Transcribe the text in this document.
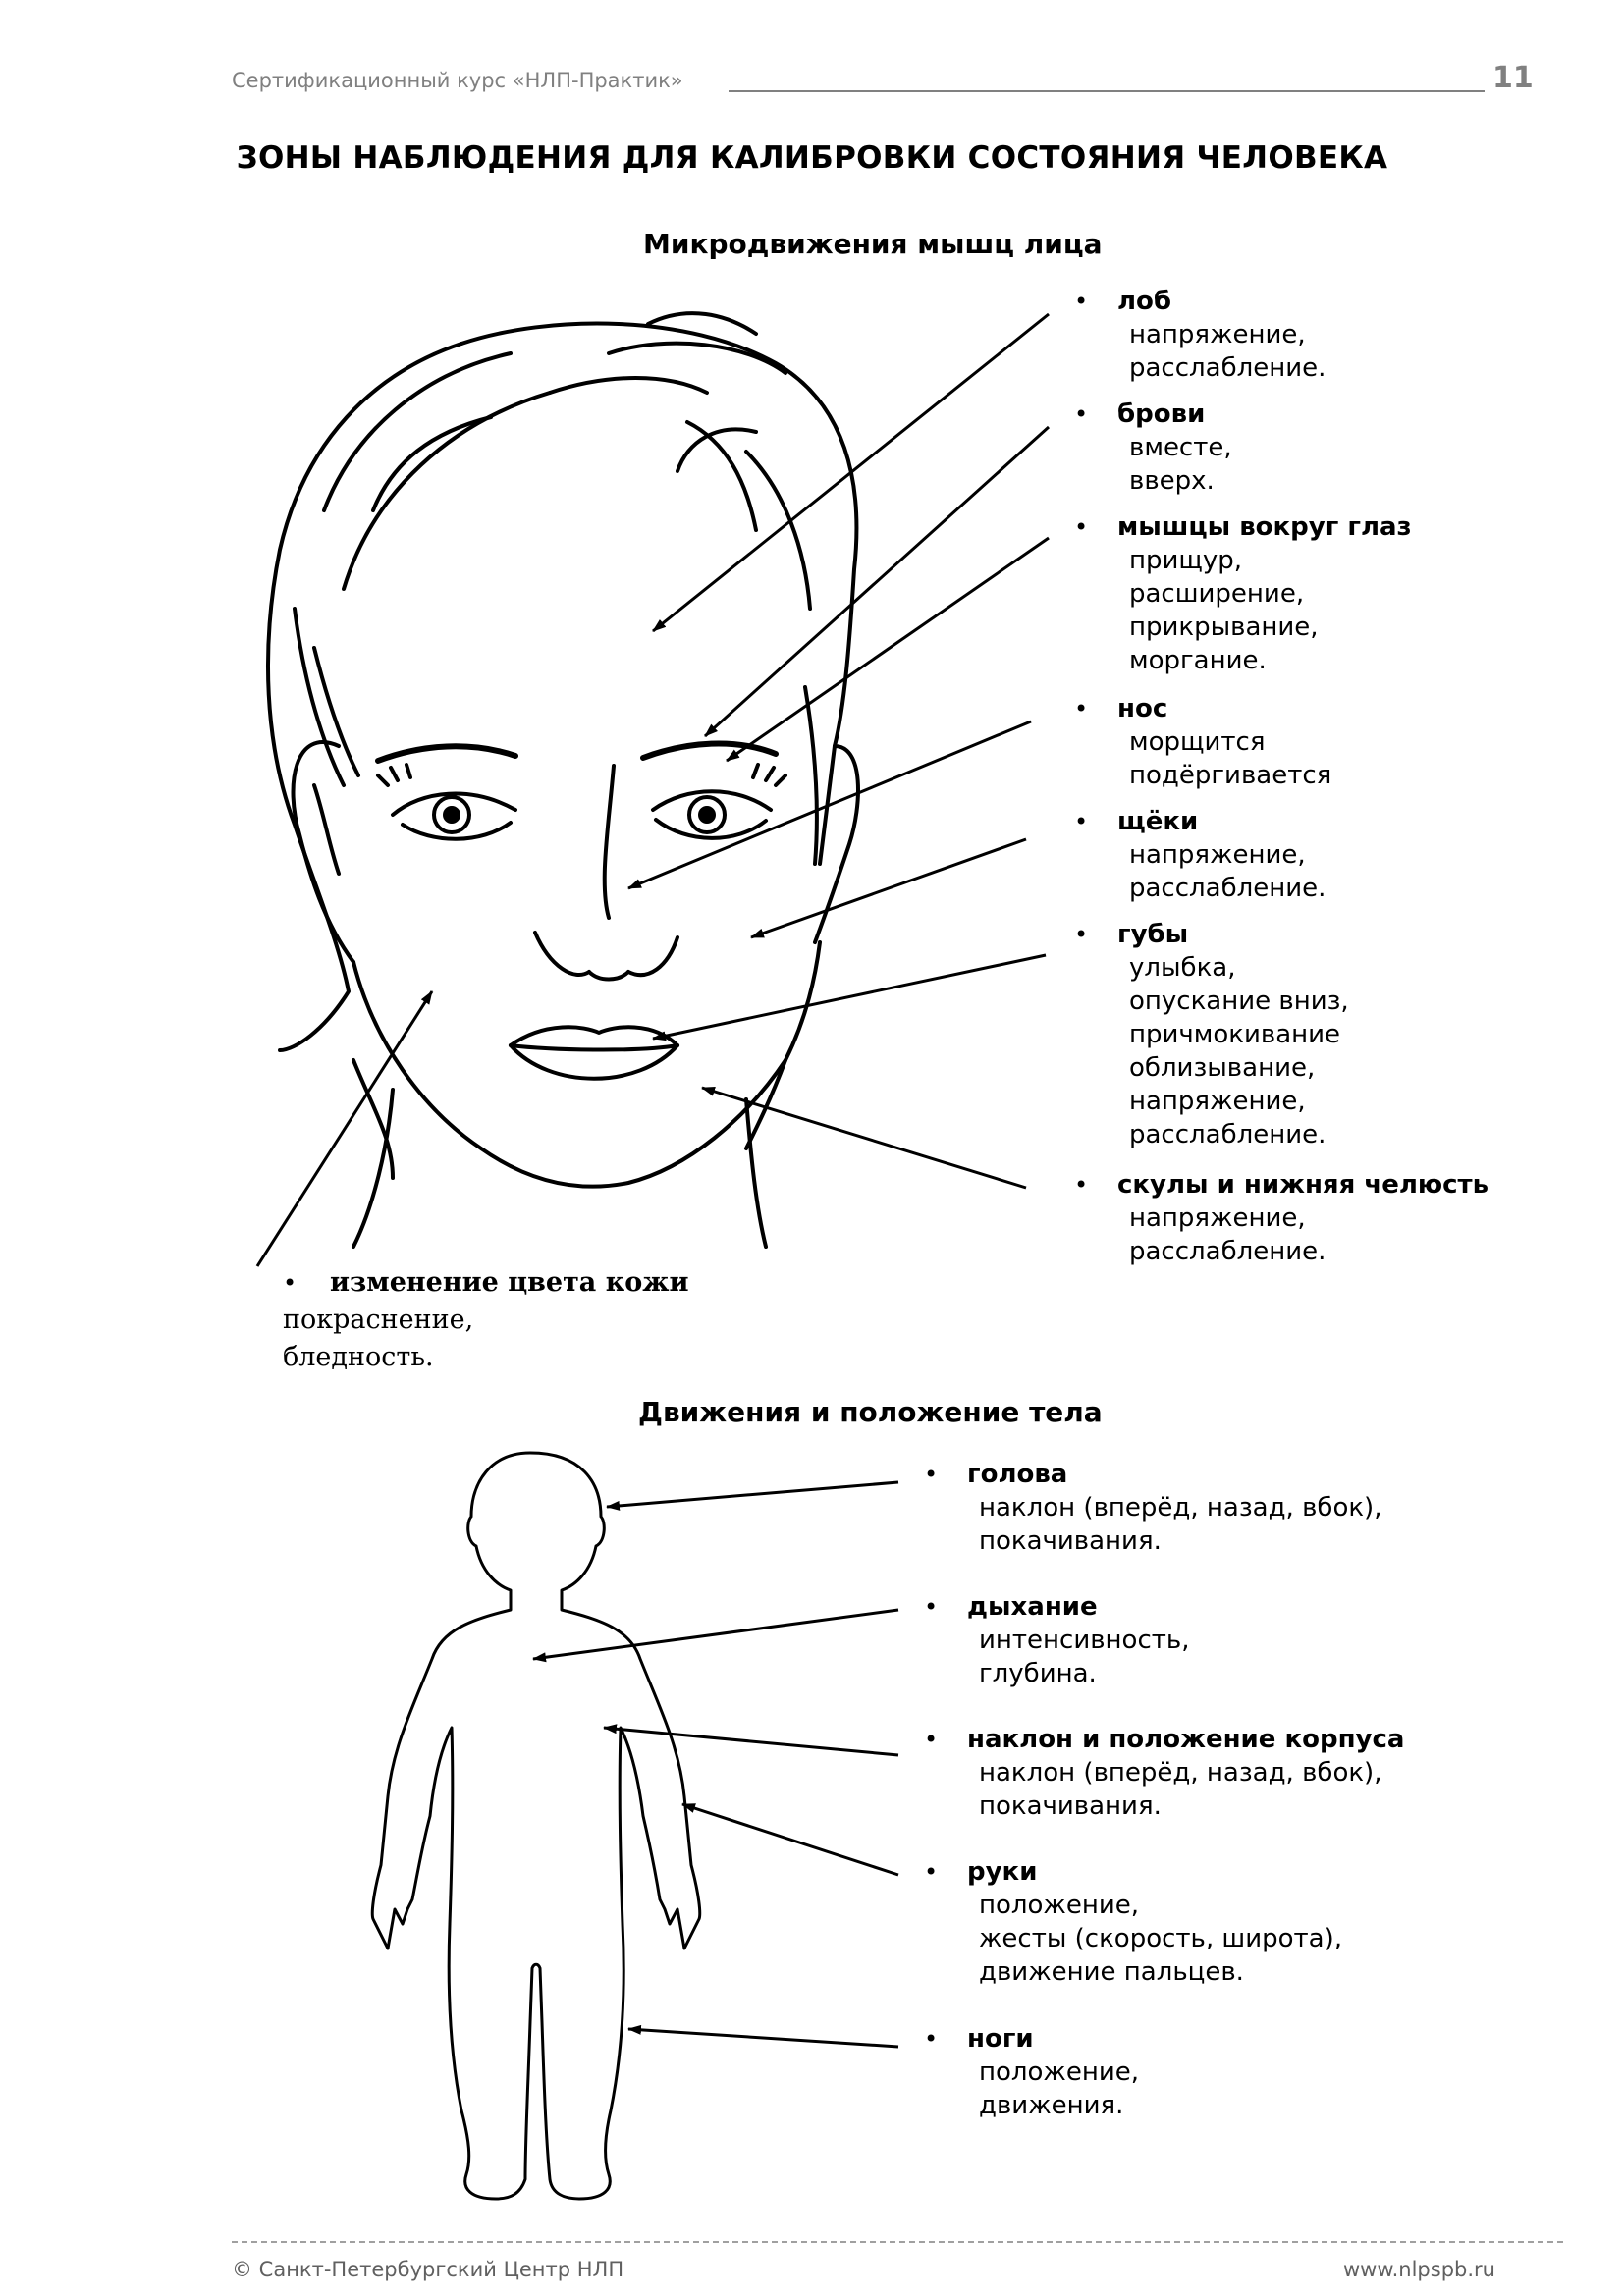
Сертификационный курс «НЛП-Практик»	11
ЗОНЫ НАБЛЮДЕНИЯ ДЛЯ КАЛИБРОВКИ СОСТОЯНИЯ ЧЕЛОВЕКА
Микродвижения мышц лица
• лоб
напряжение,
расслабление.
• брови
вместе,
вверх.
• мышцы вокруг глаз
прищур,
расширение,
прикрывание,
моргание.
• нос
морщится
подёргивается
• щёки
напряжение,
расслабление.
• губы
улыбка,
опускание вниз,
причмокивание
облизывание,
напряжение,
расслабление.
• скулы и нижняя челюсть
напряжение,
расслабление.
•	изменение цвета кожи
покраснение,
бледность.
Движения и положение тела
• голова
наклон (вперёд, назад, вбок),
покачивания.
• дыхание
интенсивность,
глубина.
• наклон и положение корпуса
наклон (вперёд, назад, вбок),
покачивания.
• руки
положение,
жесты (скорость, широта),
движение пальцев.
• ноги
положение,
движения.
© Санкт-Петербургский Центр НЛП	www.nlpspb.ru
